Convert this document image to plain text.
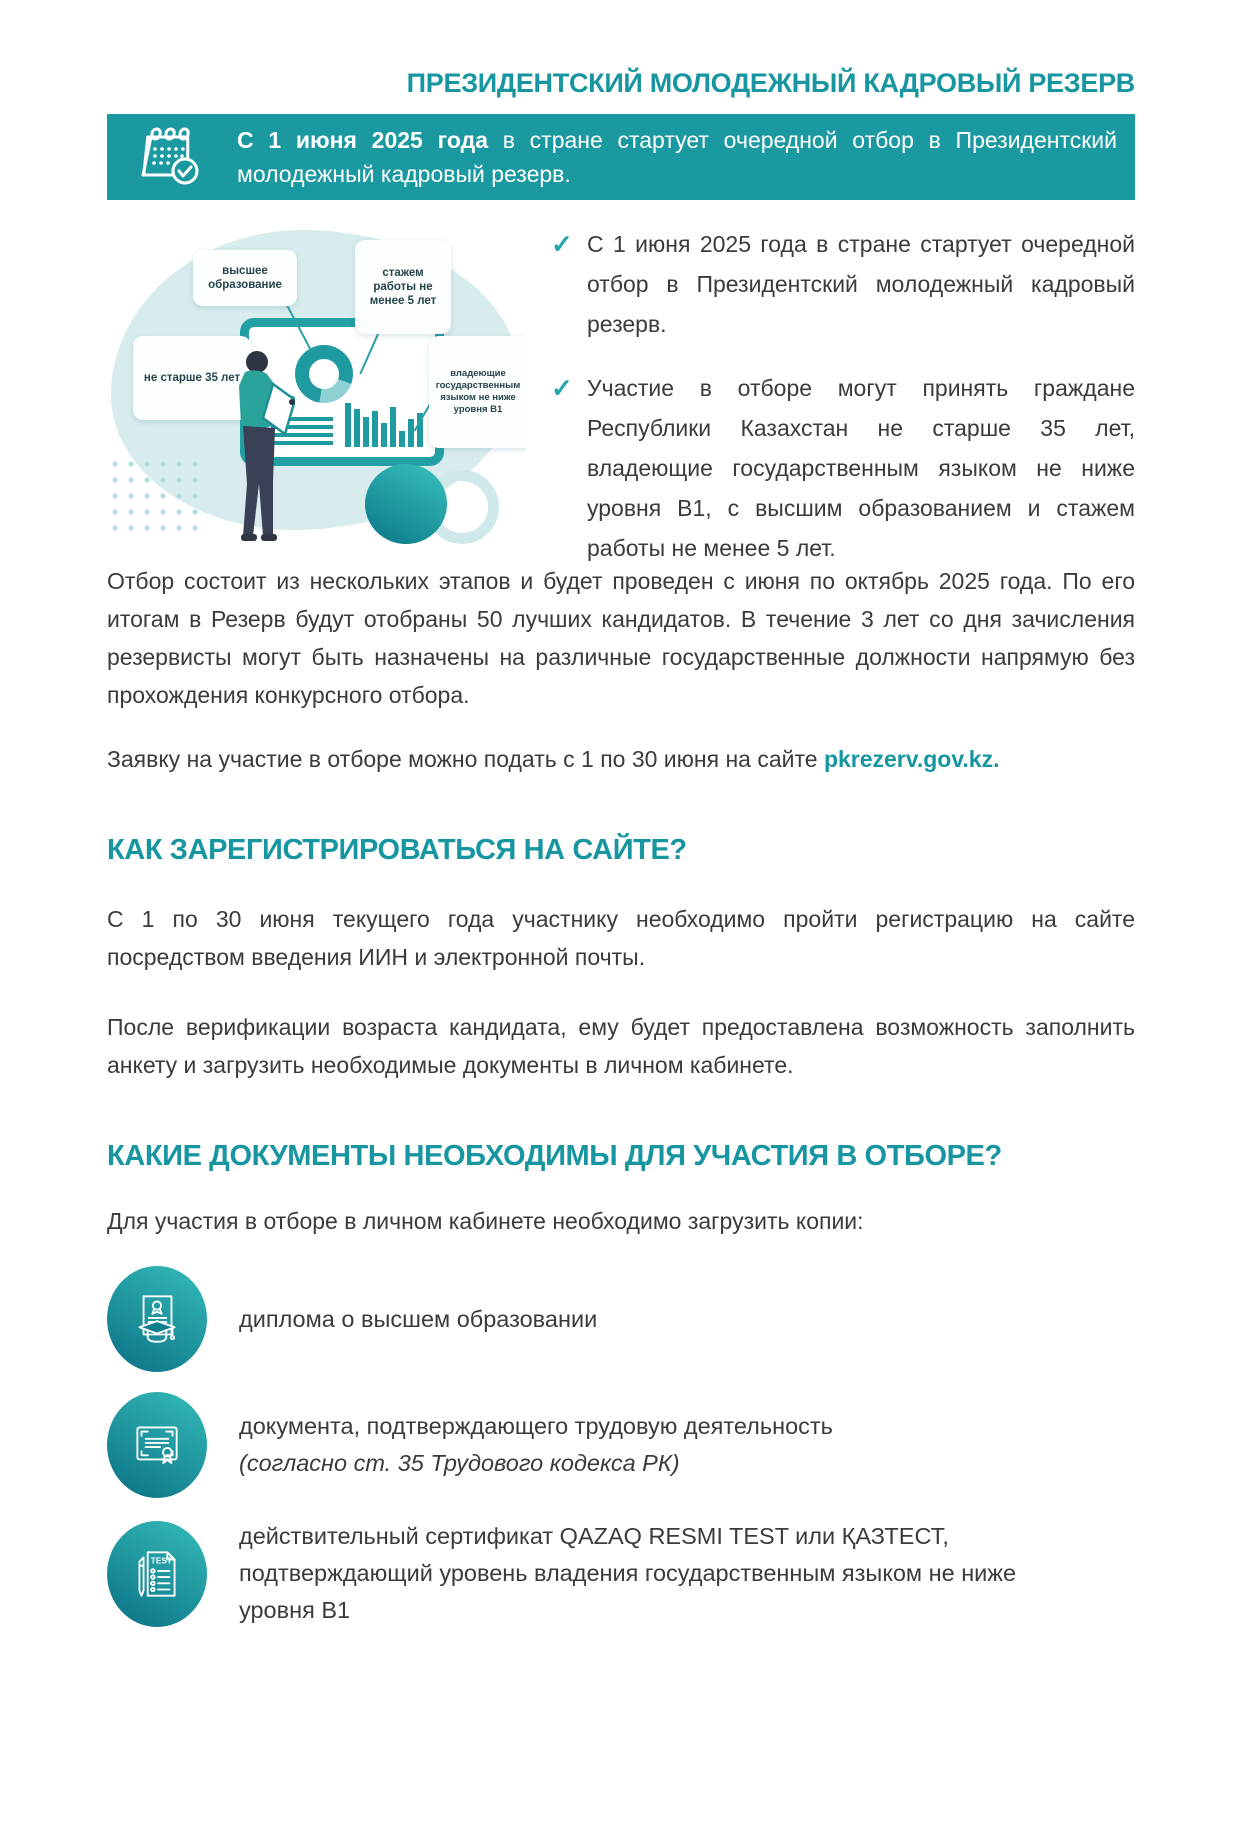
ПРЕЗИДЕНТСКИЙ МОЛОДЕЖНЫЙ КАДРОВЫЙ РЕЗЕРВ
С 1 июня 2025 года в стране стартует очередной отбор в Президентский молодежный кадровый резерв.
высшее образование
стажем работы не менее 5 лет
не старше 35 лет	владеющие государственным языком не ниже уровня В1
✓ С 1 июня 2025 года в стране стартует очередной отбор в Президентский молодежный кадровый резерв.
✓ Участие в отборе могут принять граждане Республики Казахстан не старше 35 лет, владеющие государственным языком не ниже уровня В1, с высшим образованием и стажем работы не менее 5 лет.

Отбор состоит из нескольких этапов и будет проведен с июня по октябрь 2025 года. По его итогам в Резерв будут отобраны 50 лучших кандидатов. В течение 3 лет со дня зачисления резервисты могут быть назначены на различные государственные должности напрямую без прохождения конкурсного отбора.

Заявку на участие в отборе можно подать с 1 по 30 июня на сайте pkrezerv.gov.kz.

КАК ЗАРЕГИСТРИРОВАТЬСЯ НА САЙТЕ?

С 1 по 30 июня текущего года участнику необходимо пройти регистрацию на сайте посредством введения ИИН и электронной почты.

После верификации возраста кандидата, ему будет предоставлена возможность заполнить анкету и загрузить необходимые документы в личном кабинете.

КАКИЕ ДОКУМЕНТЫ НЕОБХОДИМЫ ДЛЯ УЧАСТИЯ В ОТБОРЕ?

Для участия в отборе в личном кабинете необходимо загрузить копии:

диплома о высшем образовании
документа, подтверждающего трудовую деятельность
(согласно ст. 35 Трудового кодекса РК)
TEST
действительный сертификат QAZAQ RESMI TEST или ҚАЗТЕСТ, подтверждающий уровень владения государственным языком не ниже уровня В1
